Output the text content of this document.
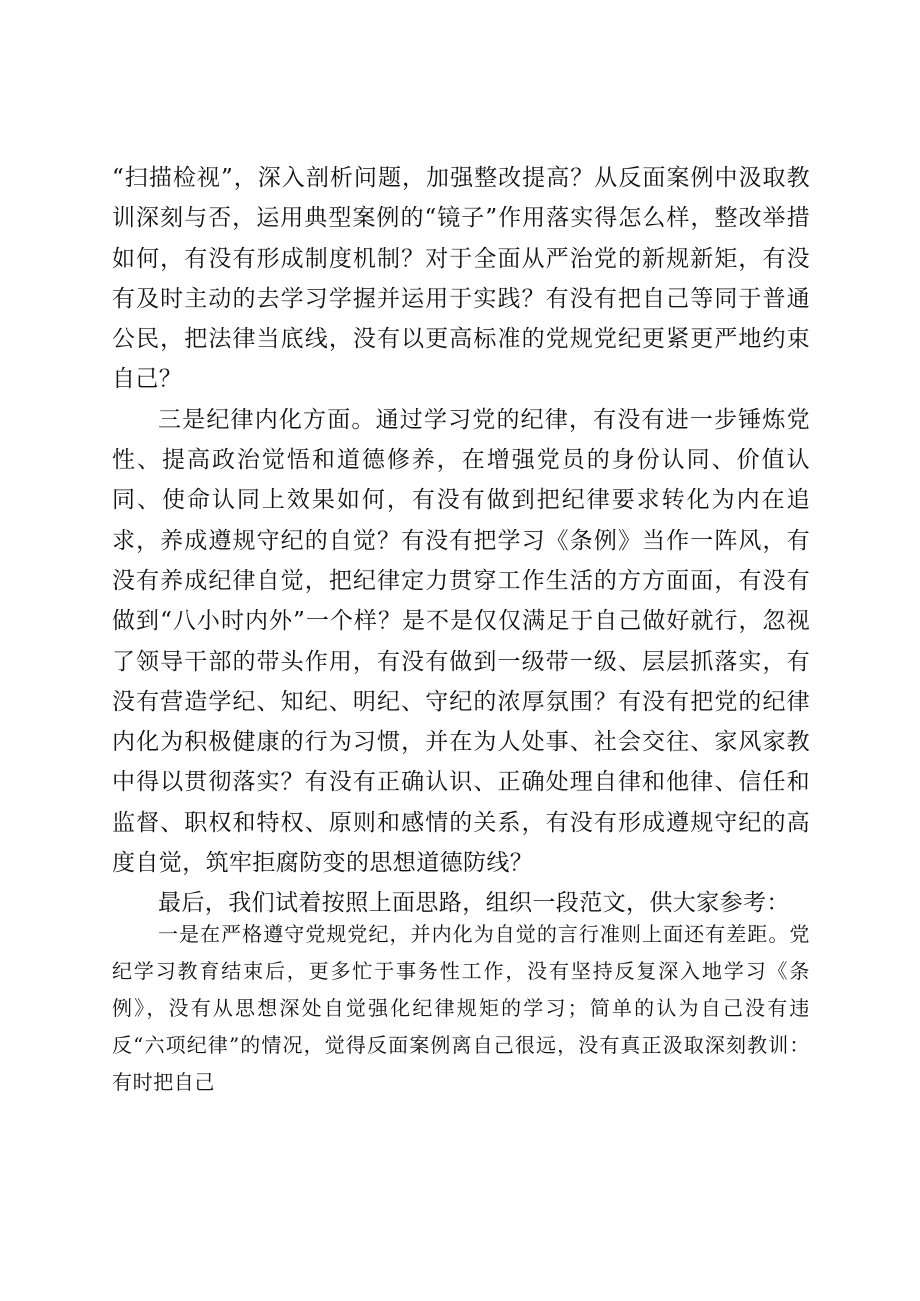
“扫描检视”，深入剖析问题，加强整改提高？从反面案例中汲取教训深刻与否，运用典型案例的“镜子”作用落实得怎么样，整改举措如何，有没有形成制度机制？对于全面从严治党的新规新矩，有没有及时主动的去学习学握并运用于实践？有没有把自己等同于普通公民，把法律当底线，没有以更高标准的党规党纪更紧更严地约束自己？

三是纪律内化方面。通过学习党的纪律，有没有进一步锤炼党性、提高政治觉悟和道德修养，在增强党员的身份认同、价值认同、使命认同上效果如何，有没有做到把纪律要求转化为内在追求，养成遵规守纪的自觉？有没有把学习《条例》当作一阵风，有没有养成纪律自觉，把纪律定力贯穿工作生活的方方面面，有没有做到“八小时内外”一个样？是不是仅仅满足于自己做好就行，忽视了领导干部的带头作用，有没有做到一级带一级、层层抓落实，有没有营造学纪、知纪、明纪、守纪的浓厚氛围？有没有把党的纪律内化为积极健康的行为习惯，并在为人处事、社会交往、家风家教中得以贯彻落实？有没有正确认识、正确处理自律和他律、信任和监督、职权和特权、原则和感情的关系，有没有形成遵规守纪的高度自觉，筑牢拒腐防变的思想道德防线？

最后，我们试着按照上面思路，组织一段范文，供大家参考：

一是在严格遵守党规党纪，并内化为自觉的言行准则上面还有差距。党纪学习教育结束后，更多忙于事务性工作，没有坚持反复深入地学习《条例》，没有从思想深处自觉强化纪律规矩的学习；简单的认为自己没有违反“六项纪律”的情况，觉得反面案例离自己很远，没有真正汲取深刻教训：有时把自己
